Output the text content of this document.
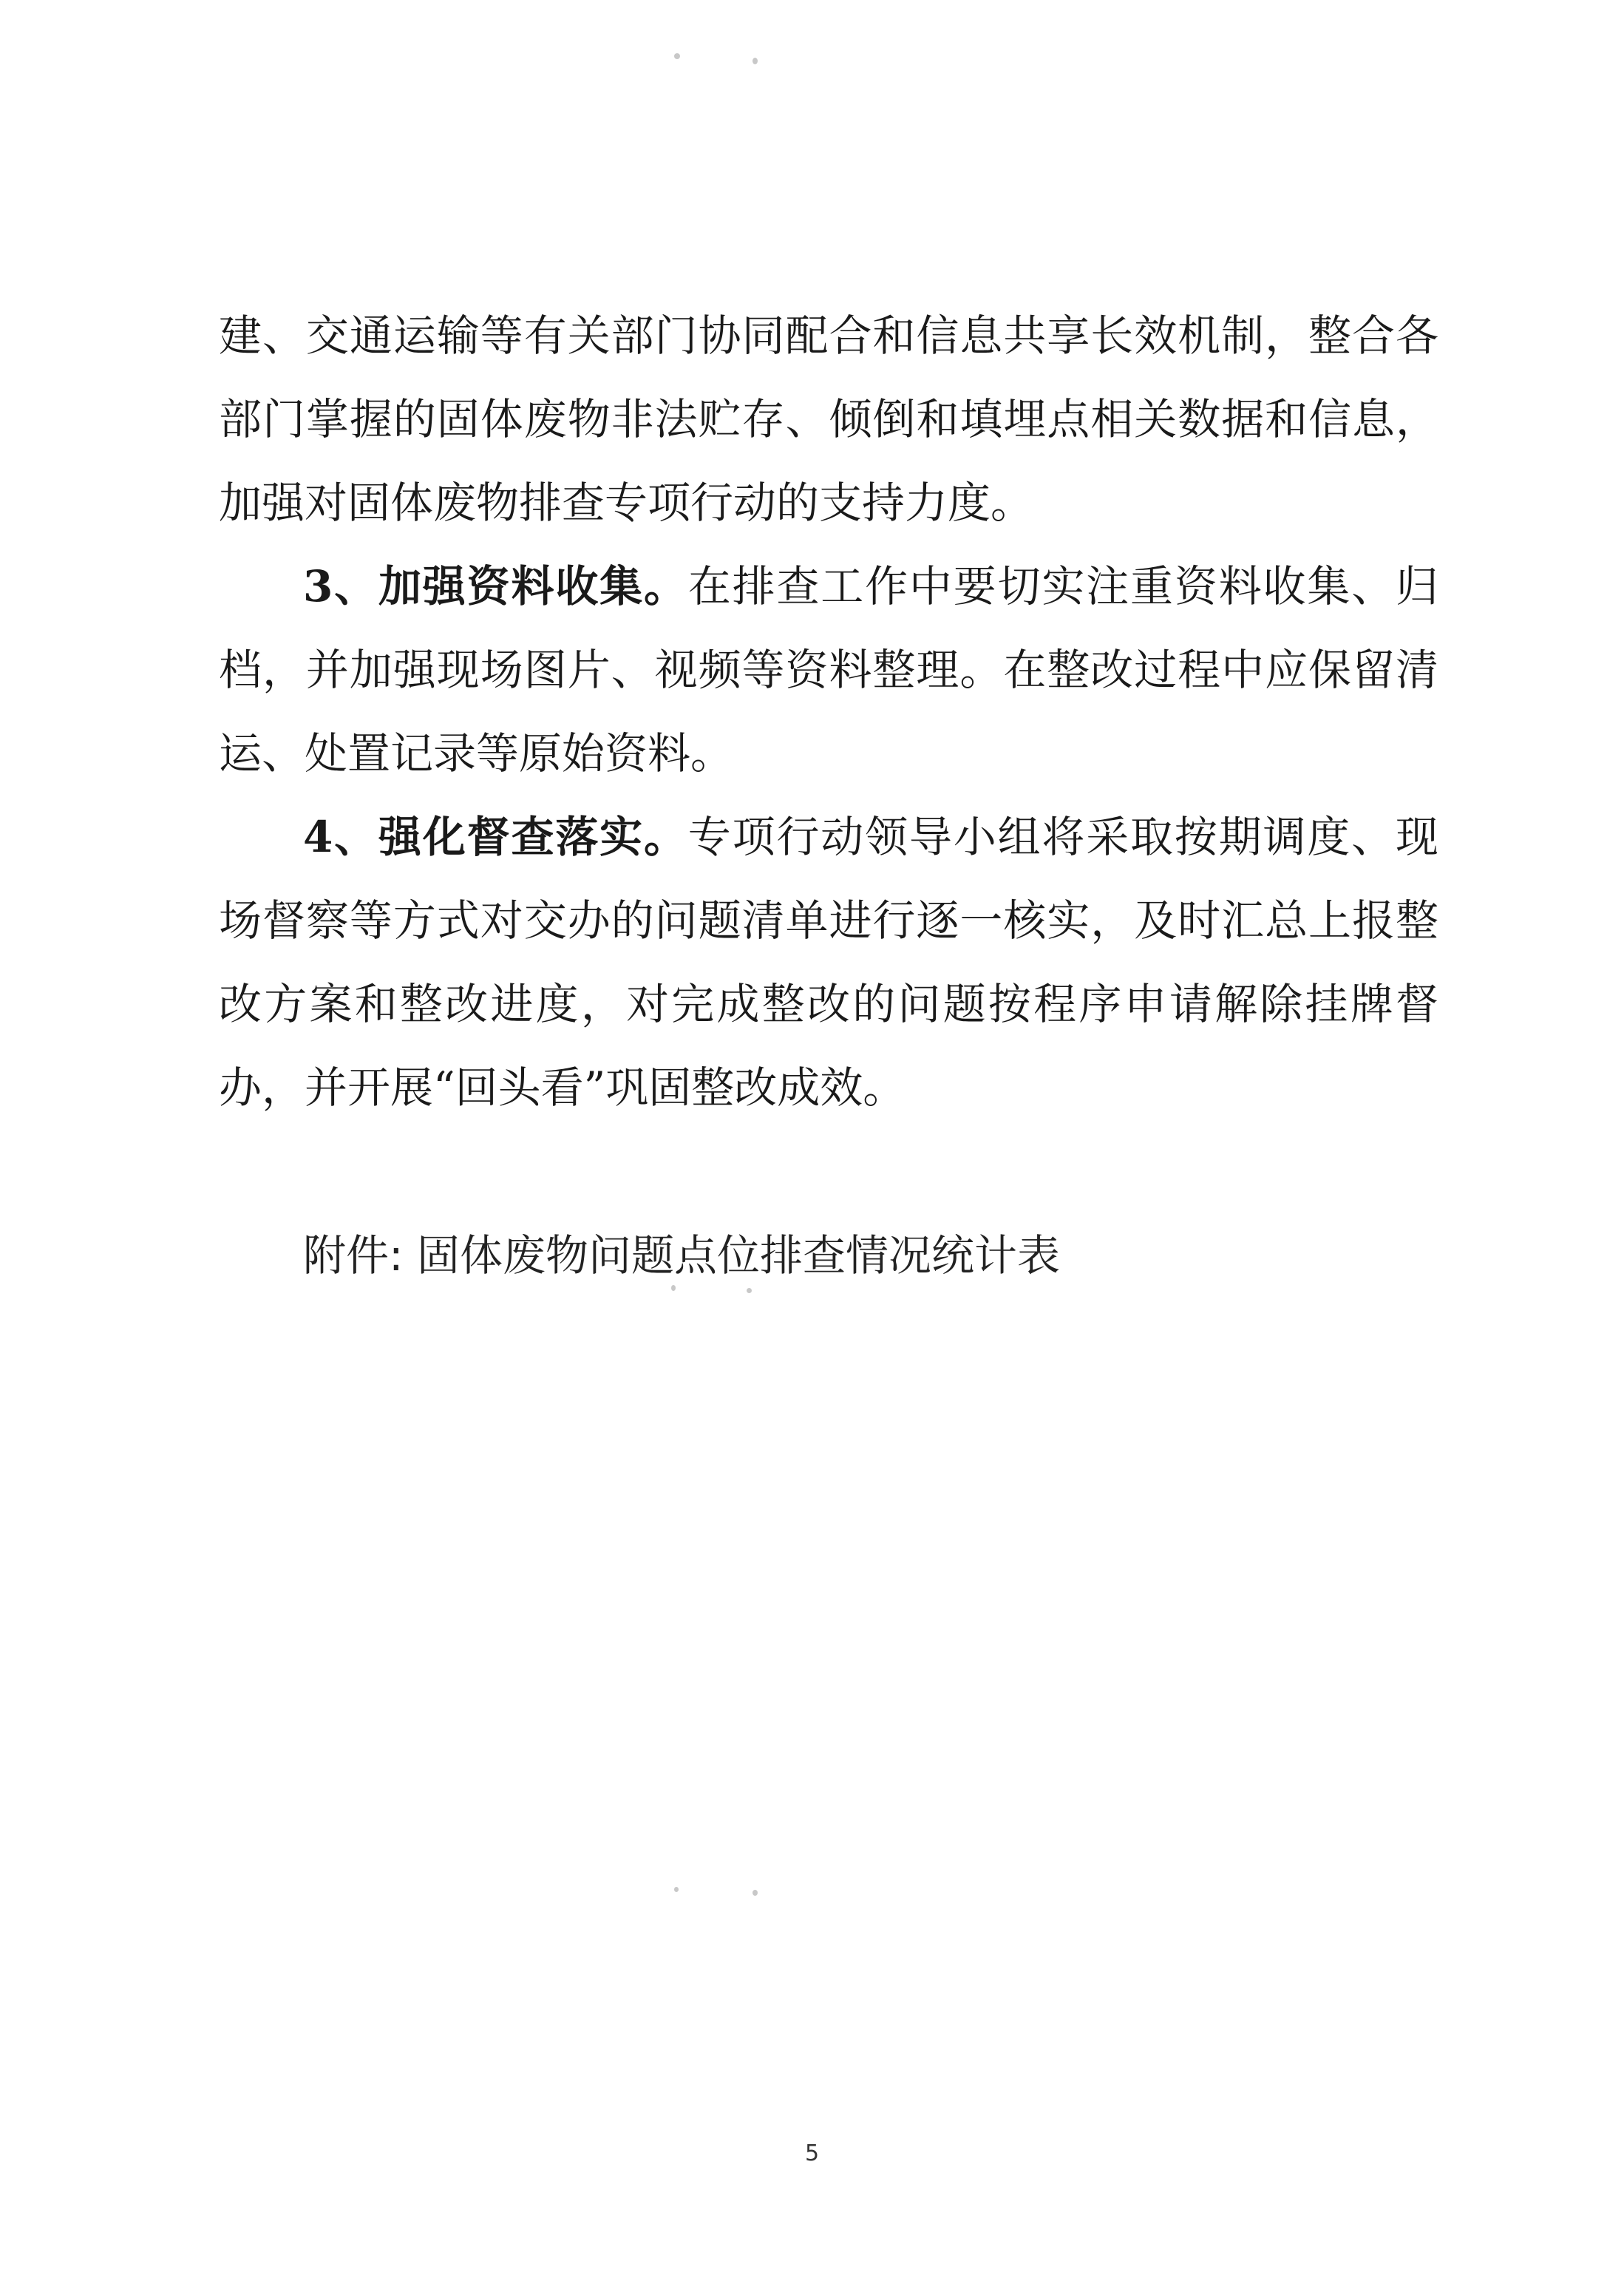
建、交通运输等有关部门协同配合和信息共享长效机制，整合各部门掌握的固体废物非法贮存、倾倒和填埋点相关数据和信息，加强对固体废物排查专项行动的支持力度。

3、加强资料收集。在排查工作中要切实注重资料收集、归档，并加强现场图片、视频等资料整理。在整改过程中应保留清运、处置记录等原始资料。

4、强化督查落实。专项行动领导小组将采取按期调度、现场督察等方式对交办的问题清单进行逐一核实，及时汇总上报整改方案和整改进度，对完成整改的问题按程序申请解除挂牌督办，并开展“回头看”巩固整改成效。

附件: 固体废物问题点位排查情况统计表
5
